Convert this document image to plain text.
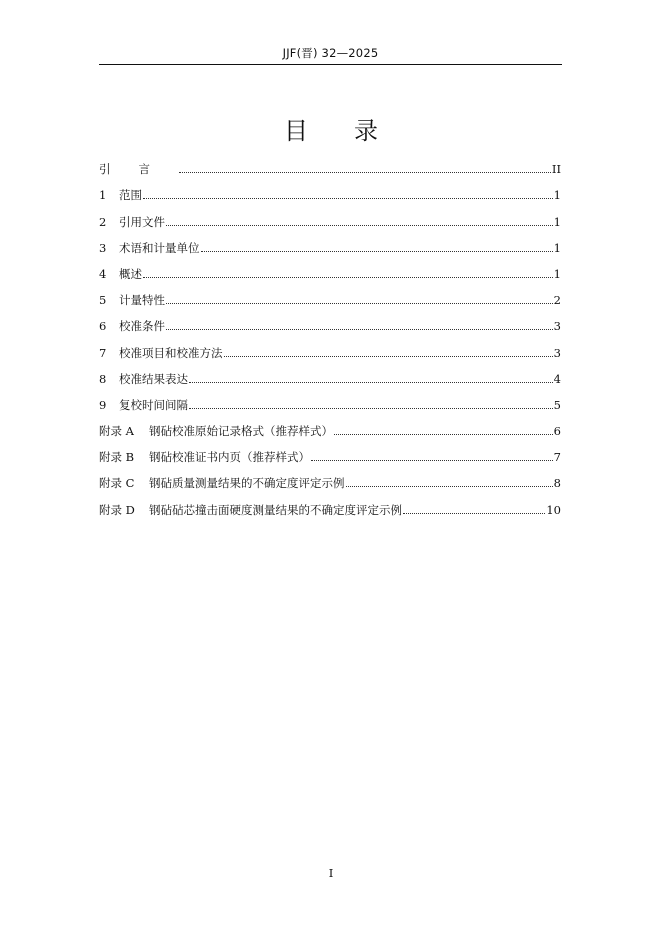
JJF(晋) 32—2025
目录
引言	II
1	范围	1
2	引用文件	1
3	术语和计量单位	1
4	概述	1
5	计量特性	2
6	校准条件	3
7	校准项目和校准方法	3
8	校准结果表达	4
9	复校时间间隔	5
附录 A	钢砧校准原始记录格式（推荐样式）	6
附录 B	钢砧校准证书内页（推荐样式）	7
附录 C	钢砧质量测量结果的不确定度评定示例	8
附录 D	钢砧砧芯撞击面硬度测量结果的不确定度评定示例	10
I
